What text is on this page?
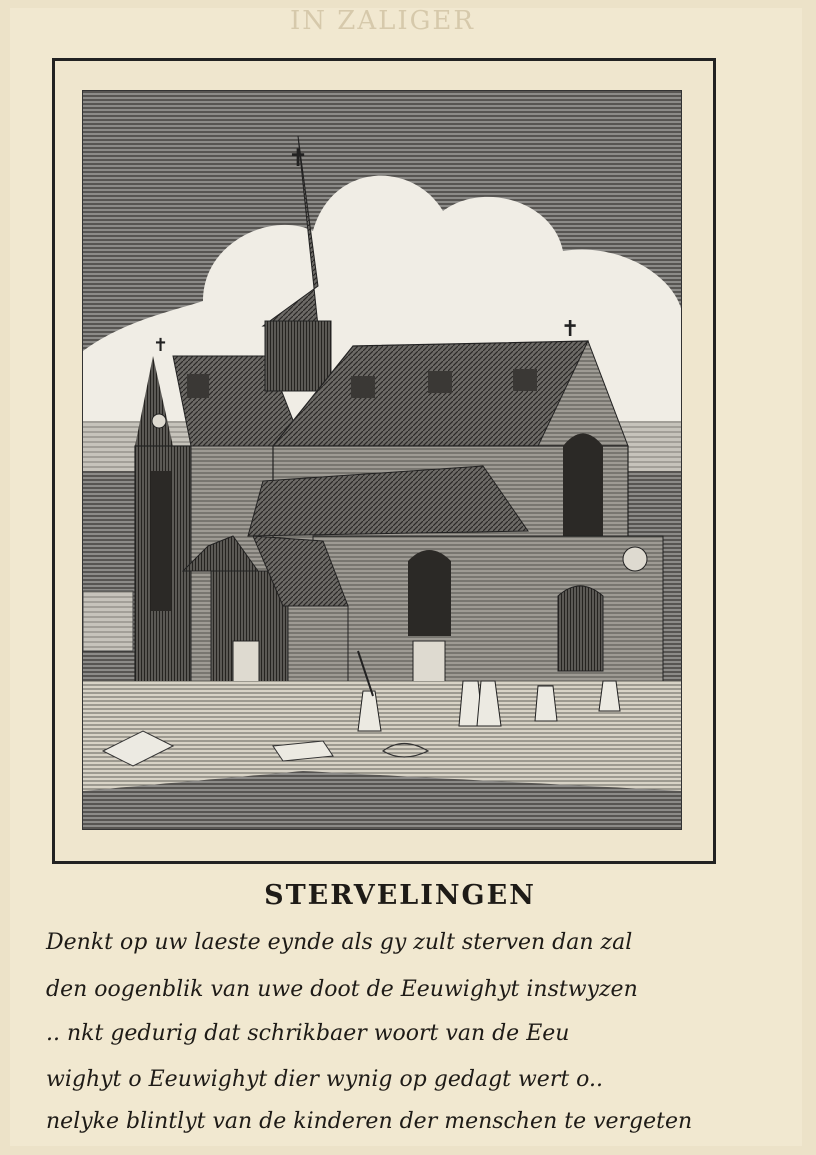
IN ZALIGER
✝
✝
✝
STERVELINGEN
Denkt op uw laeste eynde als gy zult sterven dan zal
den oogenblik van uwe doot de Eeuwighyt instwyzen
.. nkt gedurig dat schrikbaer woort van de Eeu
wighyt o Eeuwighyt dier wynig op gedagt wert o..
nelyke blintlyt van de kinderen der menschen te vergeten
